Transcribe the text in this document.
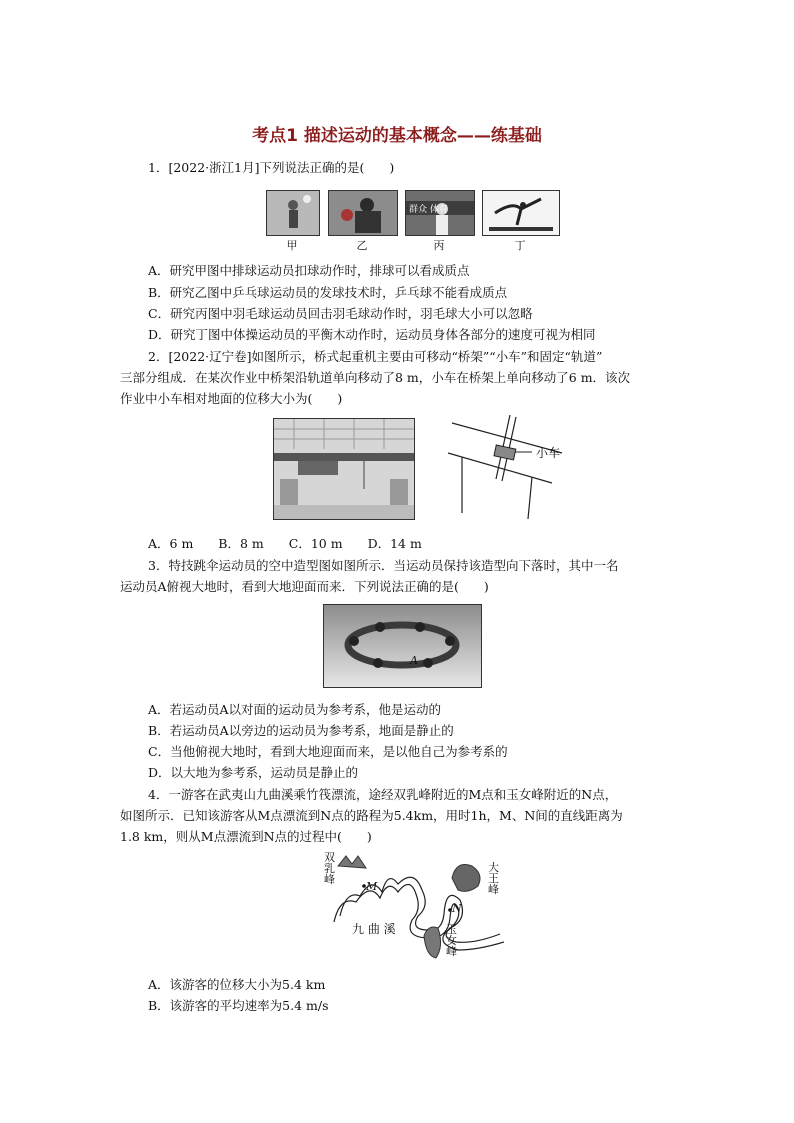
考点1 描述运动的基本概念——练基础
1．[2022·浙江1月]下列说法正确的是(　　)
群众 体育
甲	乙	丙	丁
A．研究甲图中排球运动员扣球动作时，排球可以看成质点
B．研究乙图中乒乓球运动员的发球技术时，乒乓球不能看成质点
C．研究丙图中羽毛球运动员回击羽毛球动作时，羽毛球大小可以忽略
D．研究丁图中体操运动员的平衡木动作时，运动员身体各部分的速度可视为相同
2．[2022·辽宁卷]如图所示，桥式起重机主要由可移动“桥架”“小车”和固定“轨道”
三部分组成．在某次作业中桥架沿轨道单向移动了8 m，小车在桥架上单向移动了6 m．该次
作业中小车相对地面的位移大小为(　　)
小车
A．6 m　　B．8 m　　C．10 m　　D．14 m
3．特技跳伞运动员的空中造型图如图所示．当运动员保持该造型向下落时，其中一名
运动员A俯视大地时，看到大地迎面而来．下列说法正确的是(　　)
A
A．若运动员A以对面的运动员为参考系，他是运动的
B．若运动员A以旁边的运动员为参考系，地面是静止的
C．当他俯视大地时，看到大地迎面而来，是以他自己为参考系的
D．以大地为参考系，运动员是静止的
4．一游客在武夷山九曲溪乘竹筏漂流，途经双乳峰附近的M点和玉女峰附近的N点，
如图所示．已知该游客从M点漂流到N点的路程为5.4km，用时1h，M、N间的直线距离为
1.8 km，则从M点漂流到N点的过程中(　　)
双乳峰
大王峰
玉女峰
九 曲 溪
M
N
A．该游客的位移大小为5.4 km
B．该游客的平均速率为5.4 m/s
